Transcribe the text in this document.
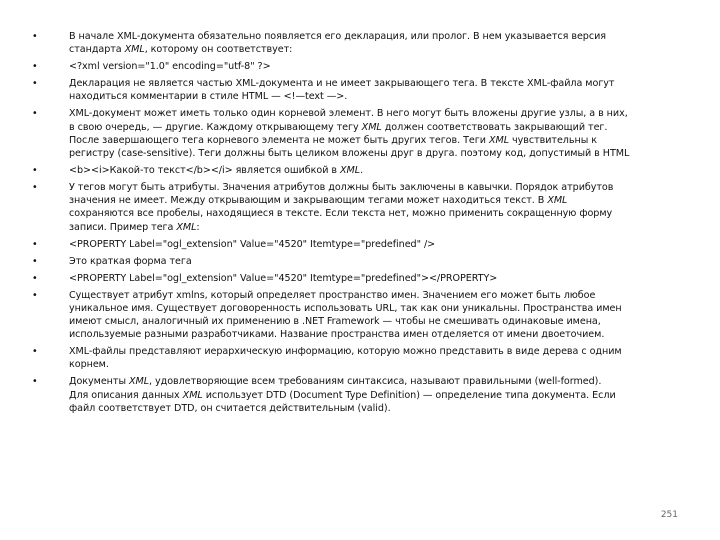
•	В начале XML-документа обязательно появляется его декларация, или пролог. В нем указывается версия
стандарта XML, которому он соответствует:
•	<?xml version="1.0" encoding="utf-8" ?>
•	Декларация не является частью XML-документа и не имеет закрывающего тега. В тексте XML-файла могут
находиться комментарии в стиле HTML — <!—text —>.
•	XML-документ может иметь только один корневой элемент. В него могут быть вложены другие узлы, а в них,
в свою очередь, — другие. Каждому открывающему тегу XML должен соответствовать закрывающий тег.
После завершающего тега корневого элемента не может быть других тегов. Теги XML чувствительны к
регистру (case-sensitive). Теги должны быть целиком вложены друг в друга. поэтому код, допустимый в HTML
•	<b><i>Какой-то текст</b></i> является ошибкой в XML.
•	У тегов могут быть атрибуты. Значения атрибутов должны быть заключены в кавычки. Порядок атрибутов
значения не имеет. Между открывающим и закрывающим тегами может находиться текст. В XML
сохраняются все пробелы, находящиеся в тексте. Если текста нет, можно применить сокращенную форму
записи. Пример тега XML:
•	<PROPERTY Label="ogl_extension" Value="4520" Itemtype="predefined" />
•	Это краткая форма тега
•	<PROPERTY Label="ogl_extension" Value="4520" Itemtype="predefined"></PROPERTY>
•	Существует атрибут xmlns, который определяет пространство имен. Значением его может быть любое
уникальное имя. Существует договоренность использовать URL, так как они уникальны. Пространства имен
имеют смысл, аналогичный их применению в .NET Framework — чтобы не смешивать одинаковые имена,
используемые разными разработчиками. Название пространства имен отделяется от имени двоеточием.
•	XML-файлы представляют иерархическую информацию, которую можно представить в виде дерева с одним
корнем.
•	Документы XML, удовлетворяющие всем требованиям синтаксиса, называют правильными (well-formed).
Для описания данных XML использует DTD (Document Type Definition) — определение типа документа. Если
файл соответствует DTD, он считается действительным (valid).
251
